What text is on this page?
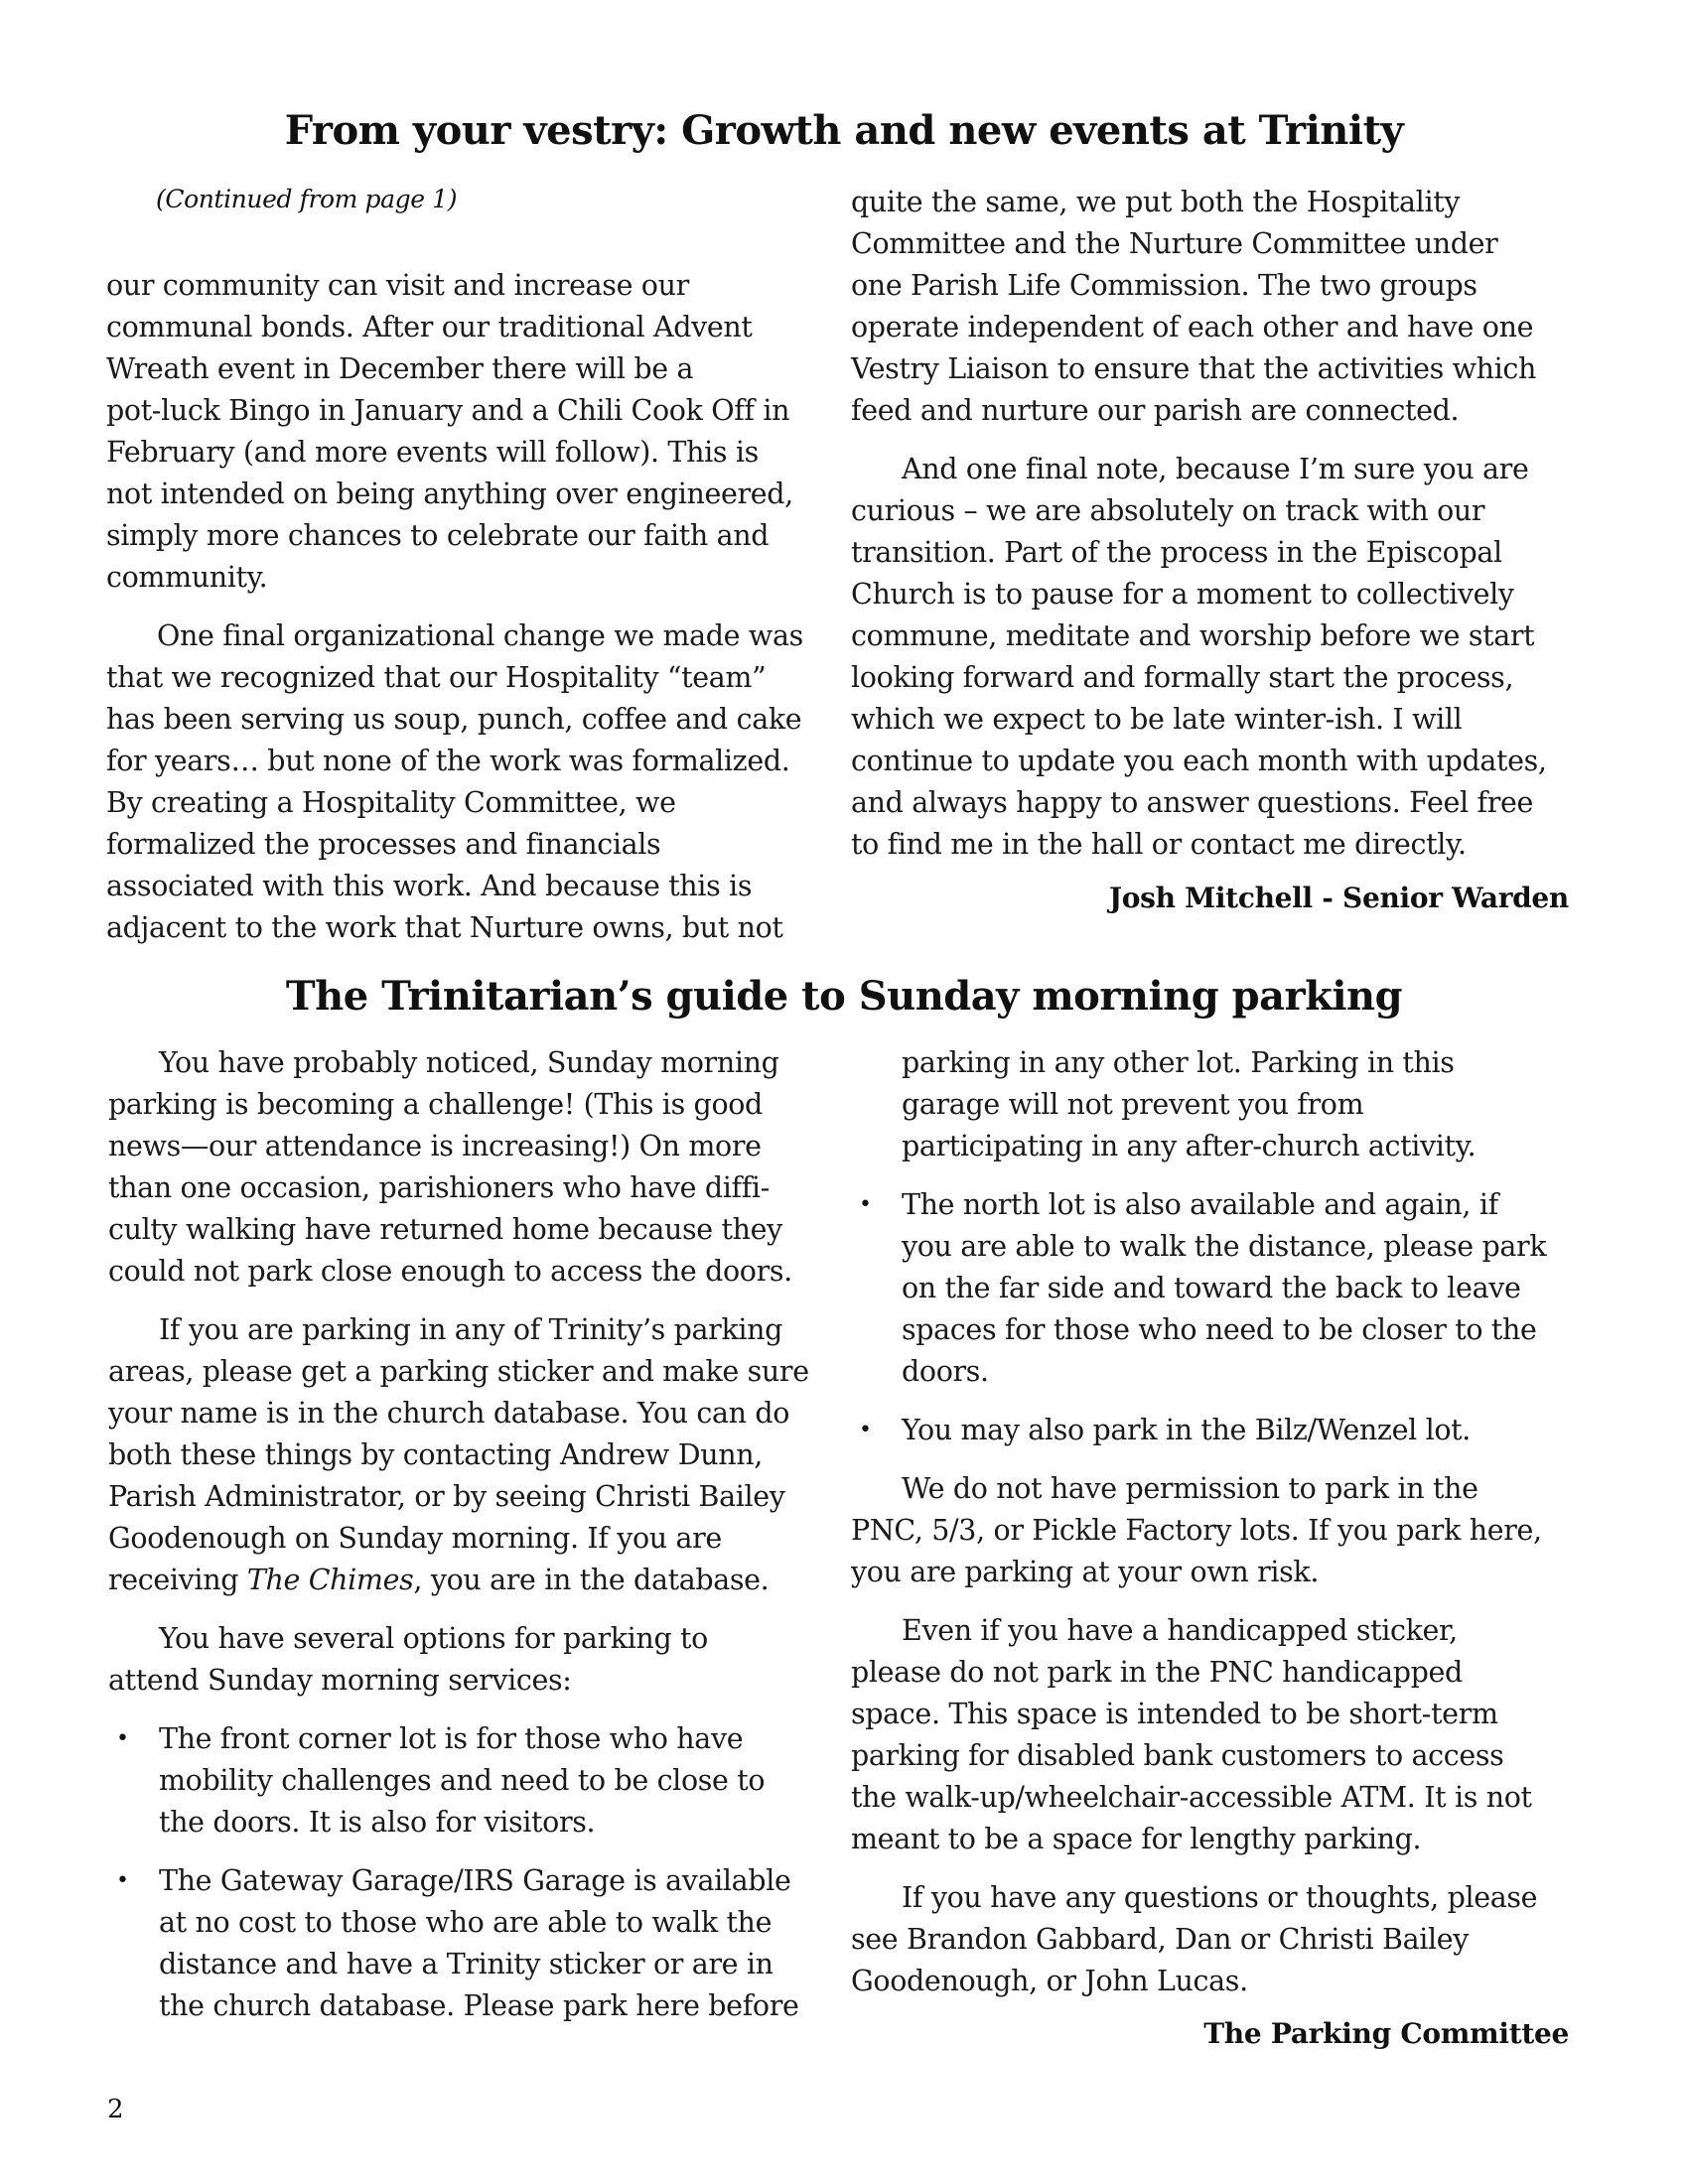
From your vestry: Growth and new events at Trinity
(Continued from page 1)
our community can visit and increase our
communal bonds. After our traditional Advent
Wreath event in December there will be a
pot-luck Bingo in January and a Chili Cook Off in
February (and more events will follow). This is
not intended on being anything over engineered,
simply more chances to celebrate our faith and
community.
One final organizational change we made was
that we recognized that our Hospitality “team”
has been serving us soup, punch, coffee and cake
for years… but none of the work was formalized.
By creating a Hospitality Committee, we
formalized the processes and financials
associated with this work. And because this is
adjacent to the work that Nurture owns, but not
quite the same, we put both the Hospitality
Committee and the Nurture Committee under
one Parish Life Commission. The two groups
operate independent of each other and have one
Vestry Liaison to ensure that the activities which
feed and nurture our parish are connected.
And one final note, because I’m sure you are
curious – we are absolutely on track with our
transition. Part of the process in the Episcopal
Church is to pause for a moment to collectively
commune, meditate and worship before we start
looking forward and formally start the process,
which we expect to be late winter-ish. I will
continue to update you each month with updates,
and always happy to answer questions. Feel free
to find me in the hall or contact me directly.
Josh Mitchell - Senior Warden
The Trinitarian’s guide to Sunday morning parking
You have probably noticed, Sunday morning
parking is becoming a challenge! (This is good
news—our attendance is increasing!) On more
than one occasion, parishioners who have diffi-
culty walking have returned home because they
could not park close enough to access the doors.
If you are parking in any of Trinity’s parking
areas, please get a parking sticker and make sure
your name is in the church database. You can do
both these things by contacting Andrew Dunn,
Parish Administrator, or by seeing Christi Bailey
Goodenough on Sunday morning. If you are
receiving The Chimes, you are in the database.
You have several options for parking to
attend Sunday morning services:
• The front corner lot is for those who have
mobility challenges and need to be close to
the doors. It is also for visitors.
• The Gateway Garage/IRS Garage is available
at no cost to those who are able to walk the
distance and have a Trinity sticker or are in
the church database. Please park here before
parking in any other lot. Parking in this
garage will not prevent you from
participating in any after-church activity.
• The north lot is also available and again, if
you are able to walk the distance, please park
on the far side and toward the back to leave
spaces for those who need to be closer to the
doors.
• You may also park in the Bilz/Wenzel lot.
We do not have permission to park in the
PNC, 5/3, or Pickle Factory lots. If you park here,
you are parking at your own risk.
Even if you have a handicapped sticker,
please do not park in the PNC handicapped
space. This space is intended to be short-term
parking for disabled bank customers to access
the walk-up/wheelchair-accessible ATM. It is not
meant to be a space for lengthy parking.
If you have any questions or thoughts, please
see Brandon Gabbard, Dan or Christi Bailey
Goodenough, or John Lucas.
The Parking Committee
2
